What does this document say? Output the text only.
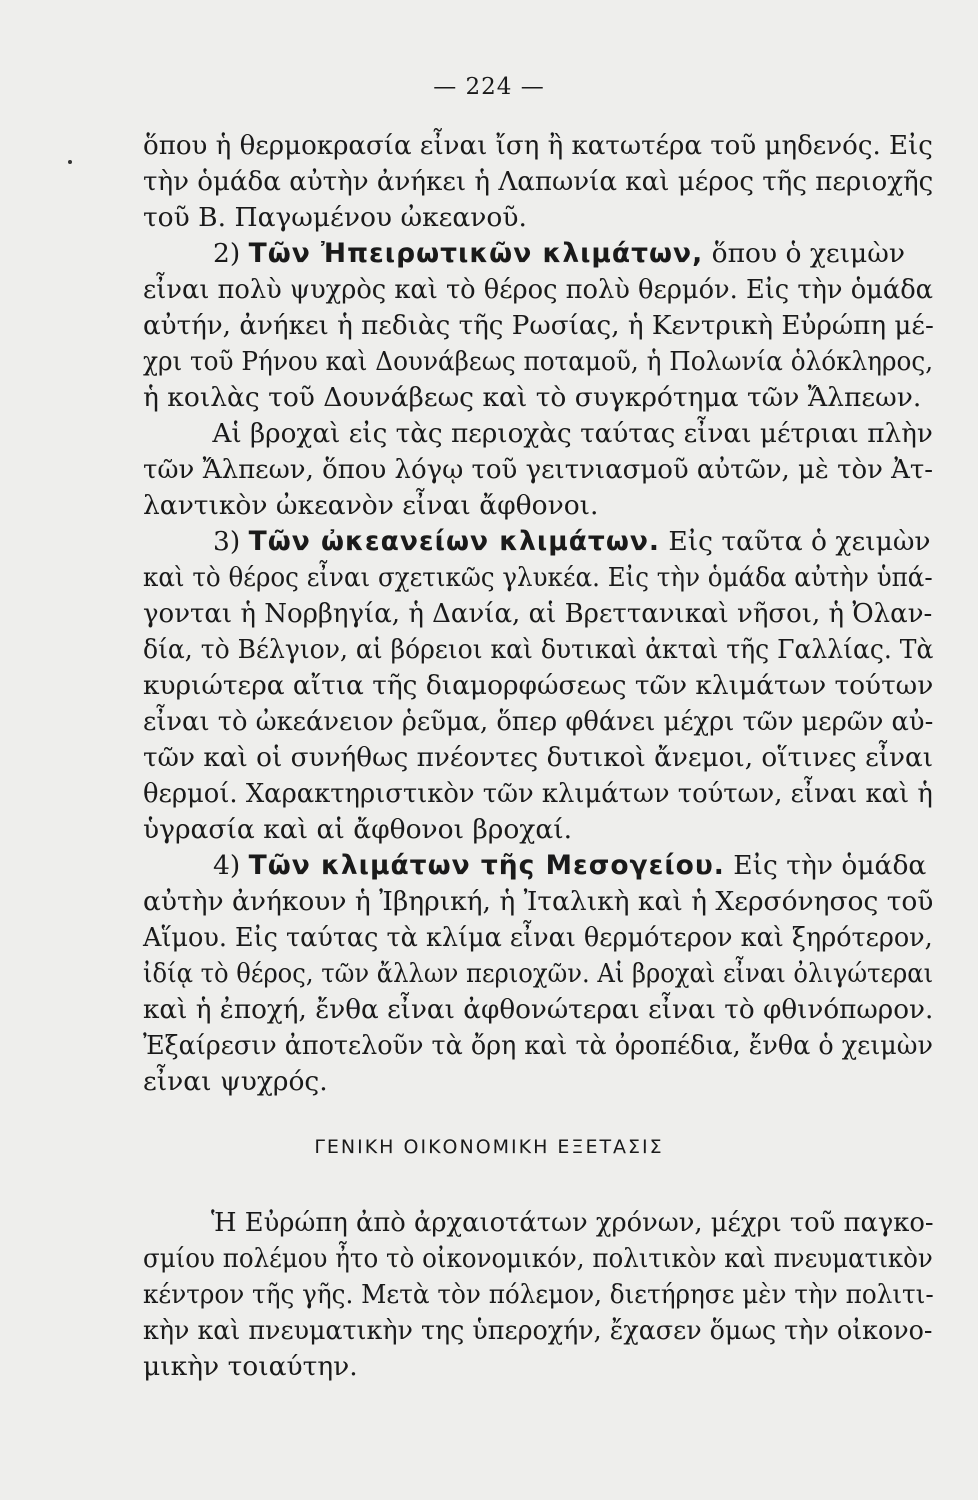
— 224 —
ὅπου ἡ θερμοκρασία εἶναι ἴση ἢ κατωτέρα τοῦ μηδενός. Εἰς
τὴν ὁμάδα αὐτὴν ἀνήκει ἡ Λαπωνία καὶ μέρος τῆς περιοχῆς
τοῦ Β. Παγωμένου ὠκεανοῦ.
2) Τῶν Ἠπειρωτικῶν κλιμάτων, ὅπου ὁ χειμὼν
εἶναι πολὺ ψυχρὸς καὶ τὸ θέρος πολὺ θερμόν. Εἰς τὴν ὁμάδα
αὐτήν, ἀνήκει ἡ πεδιὰς τῆς Ρωσίας, ἡ Κεντρικὴ Εὐρώπη μέ-
χρι τοῦ Ρήνου καὶ Δουνάβεως ποταμοῦ, ἡ Πολωνία ὁλόκληρος,
ἡ κοιλὰς τοῦ Δουνάβεως καὶ τὸ συγκρότημα τῶν Ἄλπεων.
Αἱ βροχαὶ εἰς τὰς περιοχὰς ταύτας εἶναι μέτριαι πλὴν
τῶν Ἄλπεων, ὅπου λόγῳ τοῦ γειτνιασμοῦ αὐτῶν, μὲ τὸν Ἀτ-
λαντικὸν ὠκεανὸν εἶναι ἄφθονοι.
3) Τῶν ὠκεανείων κλιμάτων. Εἰς ταῦτα ὁ χειμὼν
καὶ τὸ θέρος εἶναι σχετικῶς γλυκέα. Εἰς τὴν ὁμάδα αὐτὴν ὑπά-
γονται ἡ Νορβηγία, ἡ Δανία, αἱ Βρεττανικαὶ νῆσοι, ἡ Ὀλαν-
δία, τὸ Βέλγιον, αἱ βόρειοι καὶ δυτικαὶ ἀκταὶ τῆς Γαλλίας. Τὰ
κυριώτερα αἴτια τῆς διαμορφώσεως τῶν κλιμάτων τούτων
εἶναι τὸ ὠκεάνειον ῥεῦμα, ὅπερ φθάνει μέχρι τῶν μερῶν αὐ-
τῶν καὶ οἱ συνήθως πνέοντες δυτικοὶ ἄνεμοι, οἵτινες εἶναι
θερμοί. Χαρακτηριστικὸν τῶν κλιμάτων τούτων, εἶναι καὶ ἡ
ὑγρασία καὶ αἱ ἄφθονοι βροχαί.
4) Τῶν κλιμάτων τῆς Μεσογείου. Εἰς τὴν ὁμάδα
αὐτὴν ἀνήκουν ἡ Ἰβηρική, ἡ Ἰταλικὴ καὶ ἡ Χερσόνησος τοῦ
Αἵμου. Εἰς ταύτας τὰ κλίμα εἶναι θερμότερον καὶ ξηρότερον,
ἰδίᾳ τὸ θέρος, τῶν ἄλλων περιοχῶν. Αἱ βροχαὶ εἶναι ὀλιγώτεραι
καὶ ἡ ἐποχή, ἔνθα εἶναι ἀφθονώτεραι εἶναι τὸ φθινόπωρον.
Ἐξαίρεσιν ἀποτελοῦν τὰ ὄρη καὶ τὰ ὀροπέδια, ἔνθα ὁ χειμὼν
εἶναι ψυχρός.
ΓΕΝΙΚΗ ΟΙΚΟΝΟΜΙΚΗ ΕΞΕΤΑΣΙΣ
Ἡ Εὐρώπη ἀπὸ ἀρχαιοτάτων χρόνων, μέχρι τοῦ παγκο-
σμίου πολέμου ἦτο τὸ οἰκονομικόν, πολιτικὸν καὶ πνευματικὸν
κέντρον τῆς γῆς. Μετὰ τὸν πόλεμον, διετήρησε μὲν τὴν πολιτι-
κὴν καὶ πνευματικὴν της ὑπεροχήν, ἔχασεν ὅμως τὴν οἰκονο-
μικὴν τοιαύτην.
